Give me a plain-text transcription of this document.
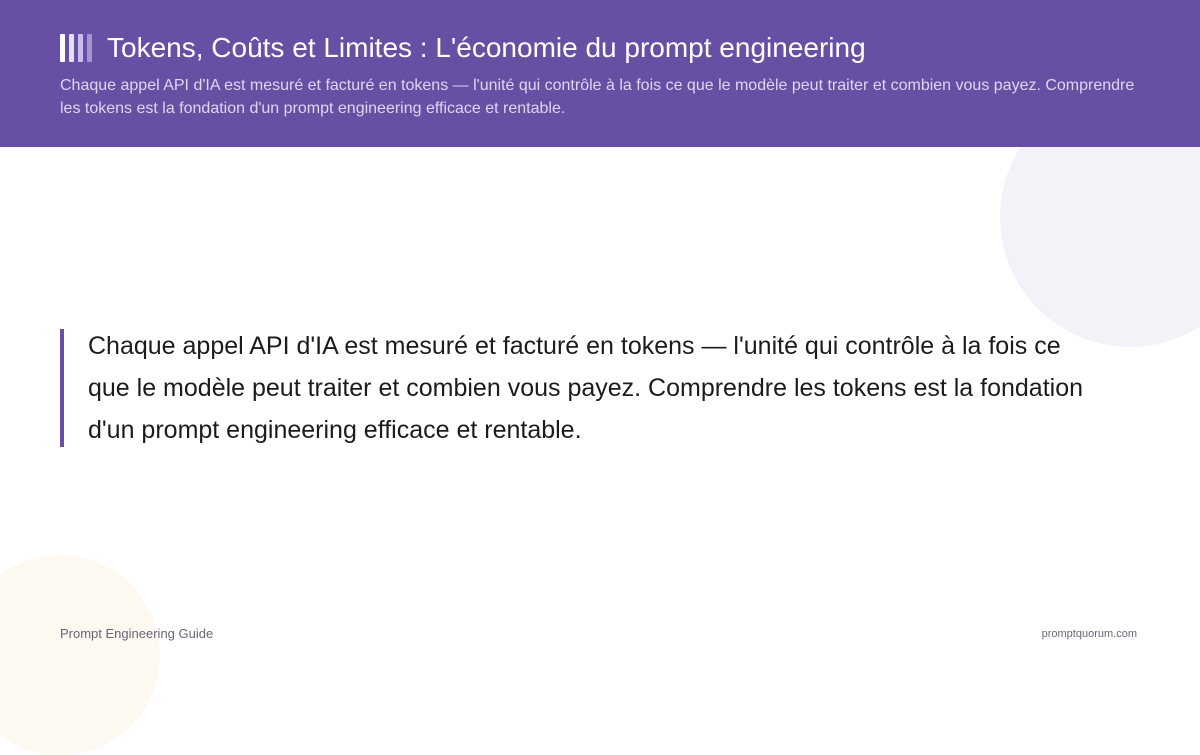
Tokens, Coûts et Limites : L'économie du prompt engineering
Chaque appel API d'IA est mesuré et facturé en tokens — l'unité qui contrôle à la fois ce que le modèle peut traiter et combien vous payez. Comprendre les tokens est la fondation d'un prompt engineering efficace et rentable.
Chaque appel API d'IA est mesuré et facturé en tokens — l'unité qui contrôle à la fois ce que le modèle peut traiter et combien vous payez. Comprendre les tokens est la fondation d'un prompt engineering efficace et rentable.
Prompt Engineering Guide	promptquorum.com
